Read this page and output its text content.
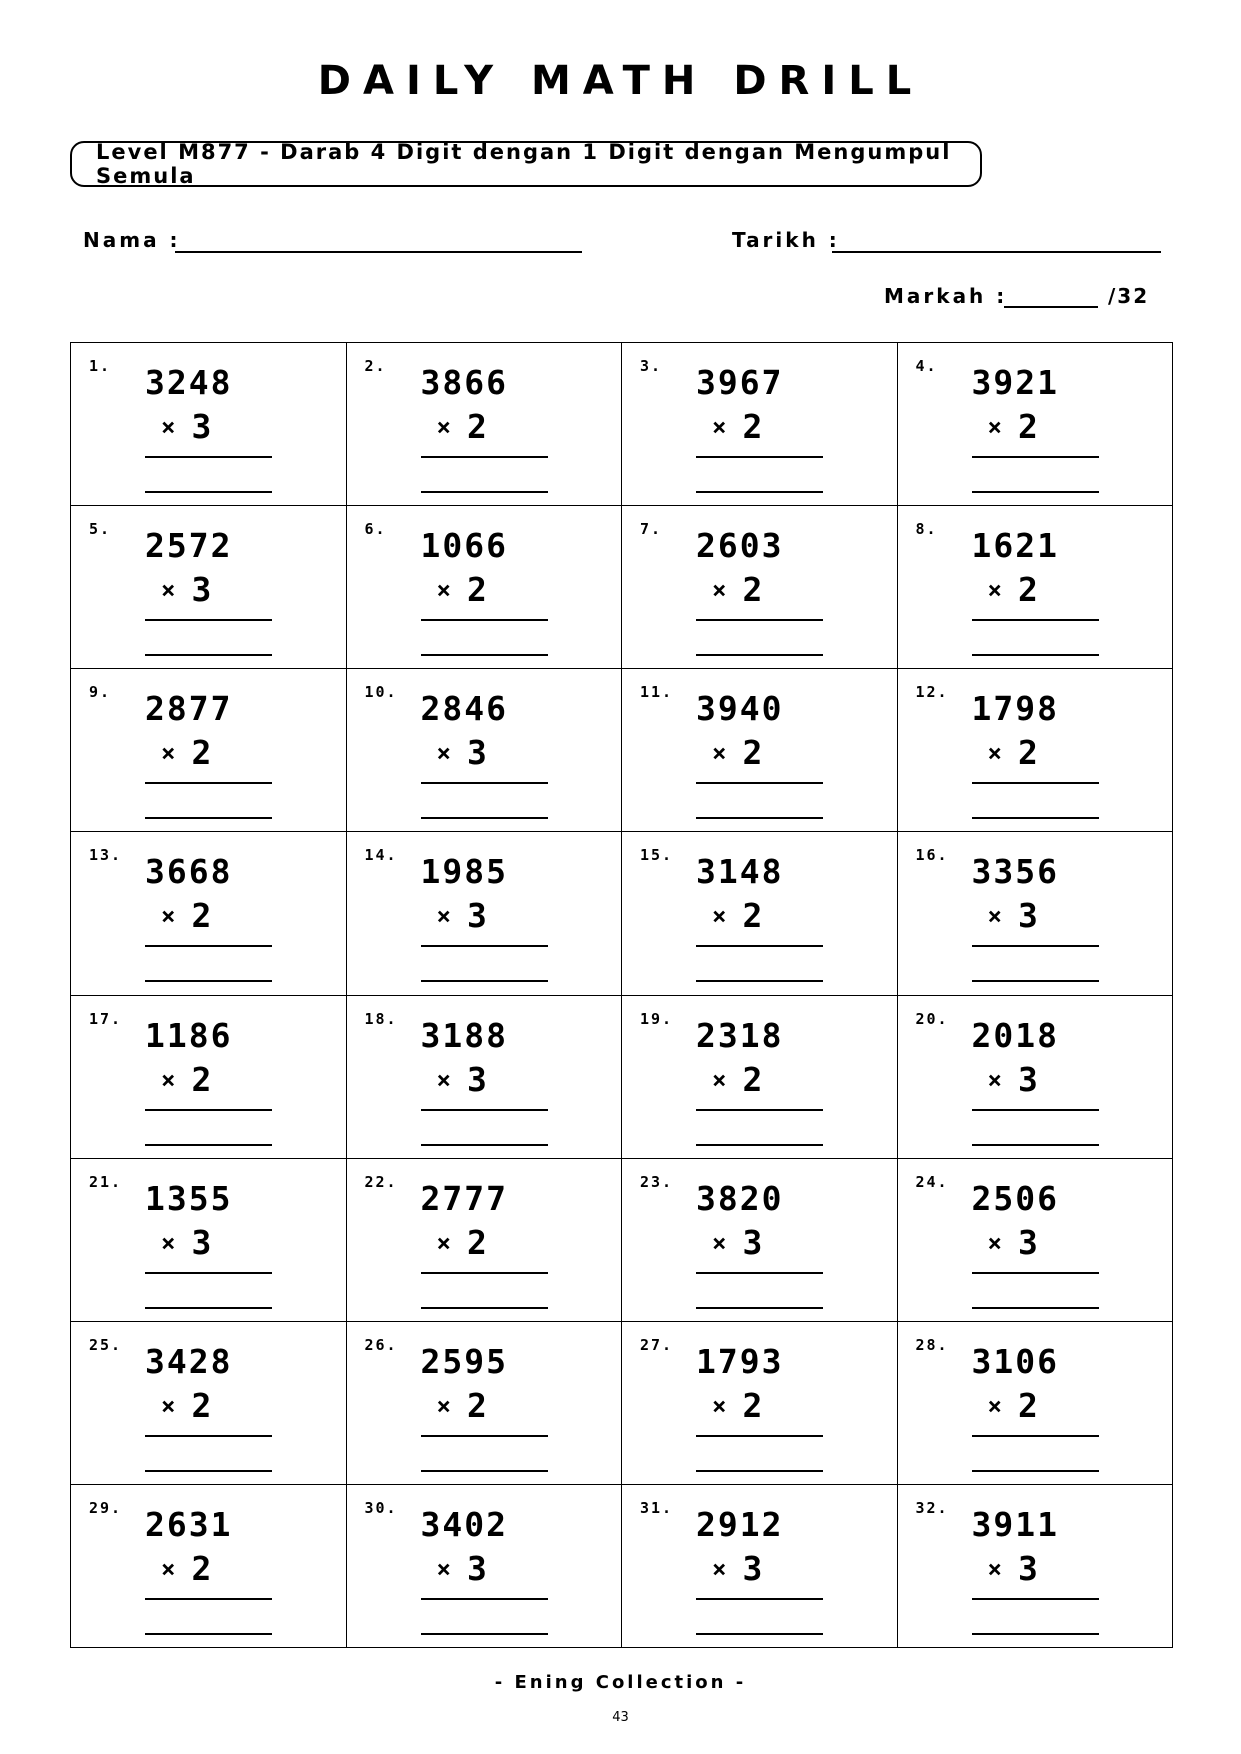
DAILY MATH DRILL
Level M877 - Darab 4 Digit dengan 1 Digit dengan Mengumpul Semula
Nama :	Tarikh :
Markah :	/32
1. 3248
× 3
2. 3866
× 2
3. 3967
× 2
4. 3921
× 2
5. 2572
× 3
6. 1066
× 2
7. 2603
× 2
8. 1621
× 2
9. 2877
× 2
10. 2846
× 3
11. 3940
× 2
12. 1798
× 2
13. 3668
× 2
14. 1985
× 3
15. 3148
× 2
16. 3356
× 3
17. 1186
× 2
18. 3188
× 3
19. 2318
× 2
20. 2018
× 3
21. 1355
× 3
22. 2777
× 2
23. 3820
× 3
24. 2506
× 3
25. 3428
× 2
26. 2595
× 2
27. 1793
× 2
28. 3106
× 2
29. 2631
× 2
30. 3402
× 3
31. 2912
× 3
32. 3911
× 3
- Ening Collection -
43
